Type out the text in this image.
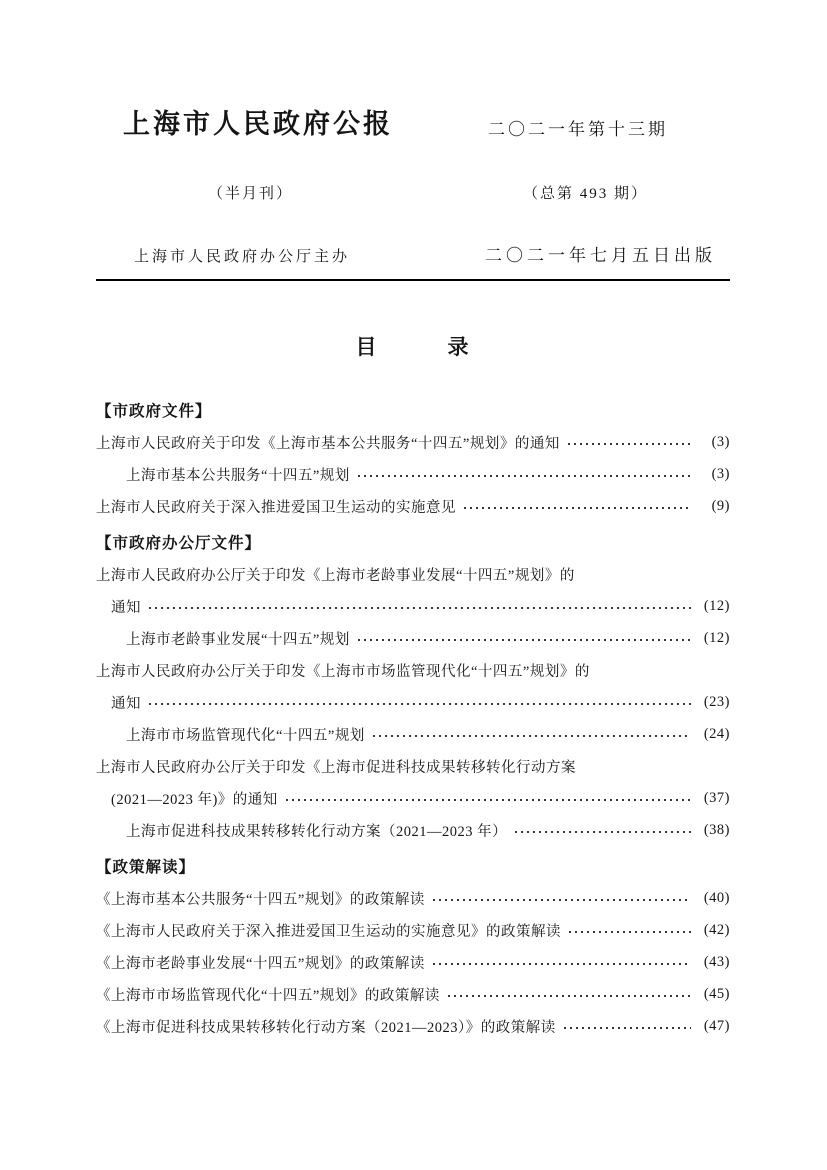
上海市人民政府公报	二〇二一年第十三期
（半月刊）	（总第 493 期）
上海市人民政府办公厅主办	二〇二一年七月五日出版
目　　　录
【市政府文件】
上海市人民政府关于印发《上海市基本公共服务“十四五”规划》的通知	(3)
上海市基本公共服务“十四五”规划	(3)
上海市人民政府关于深入推进爱国卫生运动的实施意见	(9)
【市政府办公厅文件】
上海市人民政府办公厅关于印发《上海市老龄事业发展“十四五”规划》的
通知	(12)
上海市老龄事业发展“十四五”规划	(12)
上海市人民政府办公厅关于印发《上海市市场监管现代化“十四五”规划》的
通知	(23)
上海市市场监管现代化“十四五”规划	(24)
上海市人民政府办公厅关于印发《上海市促进科技成果转移转化行动方案
(2021—2023 年)》的通知	(37)
上海市促进科技成果转移转化行动方案（2021—2023 年）	(38)
【政策解读】
《上海市基本公共服务“十四五”规划》的政策解读	(40)
《上海市人民政府关于深入推进爱国卫生运动的实施意见》的政策解读	(42)
《上海市老龄事业发展“十四五”规划》的政策解读	(43)
《上海市市场监管现代化“十四五”规划》的政策解读	(45)
《上海市促进科技成果转移转化行动方案（2021—2023）》的政策解读	(47)
